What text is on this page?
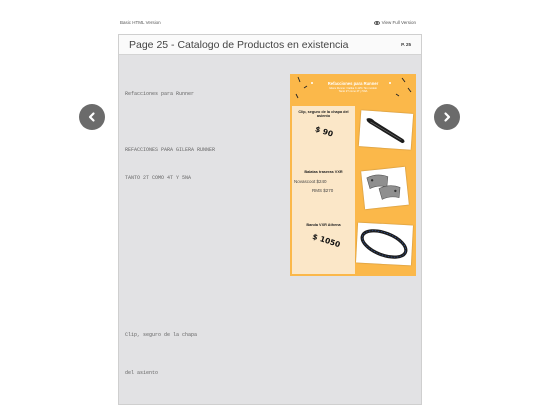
Basic HTML Version	View Full Version
Page 25 - Catalogo de Productos en existencia	P. 25
Refacciones para Runner
REFACCIONES PARA GILERA RUNNER
TANTO 2T COMO 4T Y 5NA
Clip, seguro de la chapa
del asiento
Refacciones para Runner
Gilera Runner / Italika X-125 / Sin modelo
Tanto 2T como 4T y 5NA
Clip, seguro de la chapa del asiento
$ 90
Balatas traseras VXR
Novascoot $240
RMS $270
Banda VXR Athena
$ 1050
